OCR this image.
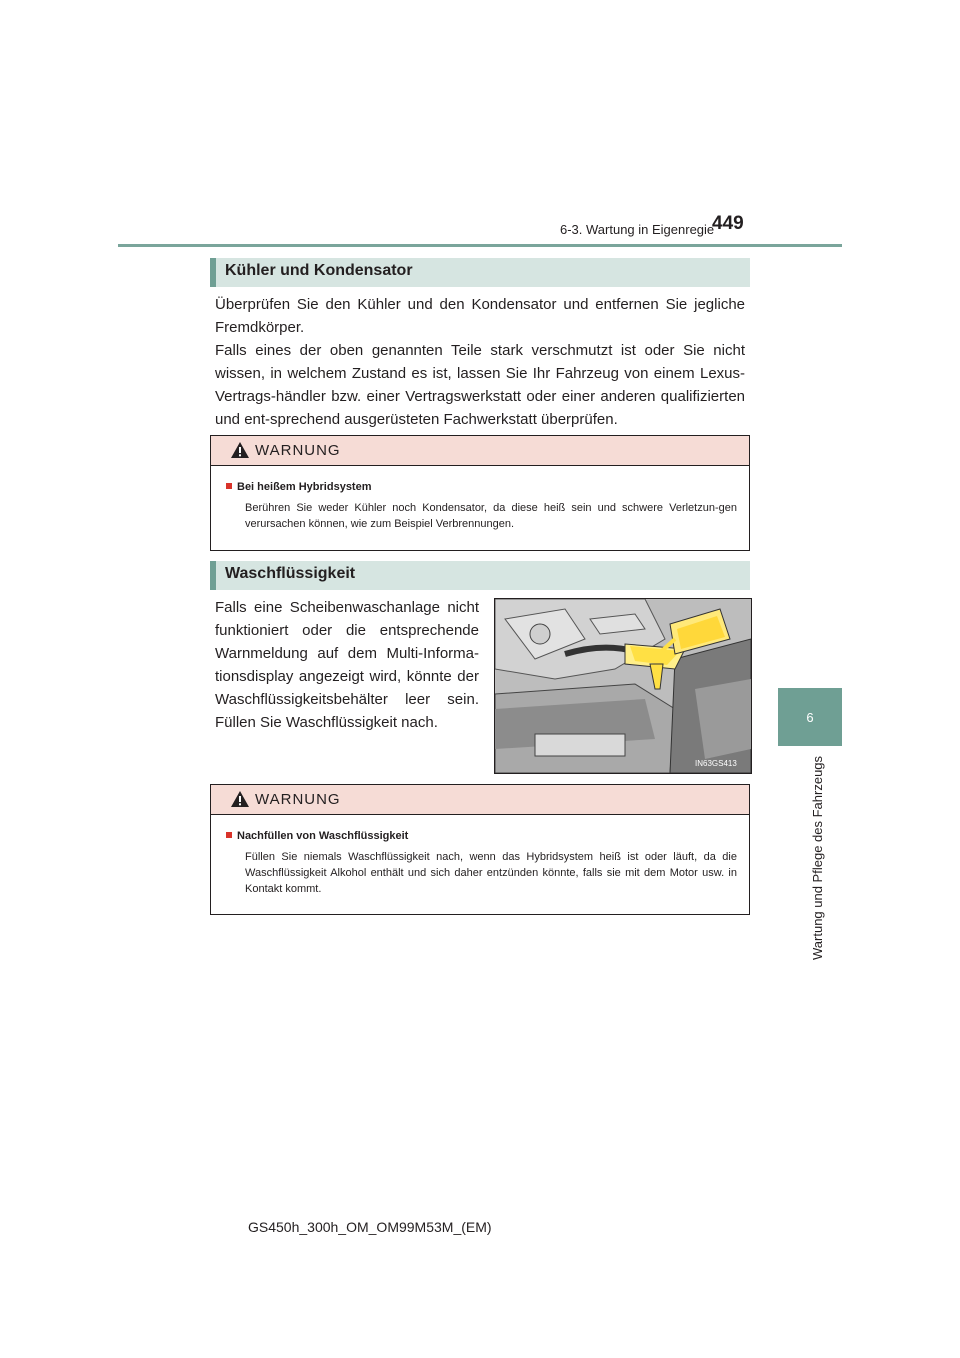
6-3. Wartung in Eigenregie
449
6
Wartung und Pflege des Fahrzeugs
Kühler und Kondensator
Überprüfen Sie den Kühler und den Kondensator und entfernen Sie jegliche Fremdkörper.
Falls eines der oben genannten Teile stark verschmutzt ist oder Sie nicht wissen, in welchem Zustand es ist, lassen Sie Ihr Fahrzeug von einem Lexus-Vertrags-händler bzw. einer Vertragswerkstatt oder einer anderen qualifizierten und ent-sprechend ausgerüsteten Fachwerkstatt überprüfen.
WARNUNG
Bei heißem Hybridsystem
Berühren Sie weder Kühler noch Kondensator, da diese heiß sein und schwere Verletzun-gen verursachen können, wie zum Beispiel Verbrennungen.
Waschflüssigkeit
Falls eine Scheibenwaschanlage nicht funktioniert oder die entsprechende Warnmeldung auf dem Multi-Informa-tionsdisplay angezeigt wird, könnte der Waschflüssigkeitsbehälter leer sein. Füllen Sie Waschflüssigkeit nach.
IN63GS413
WARNUNG
Nachfüllen von Waschflüssigkeit
Füllen Sie niemals Waschflüssigkeit nach, wenn das Hybridsystem heiß ist oder läuft, da die Waschflüssigkeit Alkohol enthält und sich daher entzünden könnte, falls sie mit dem Motor usw. in Kontakt kommt.
GS450h_300h_OM_OM99M53M_(EM)
